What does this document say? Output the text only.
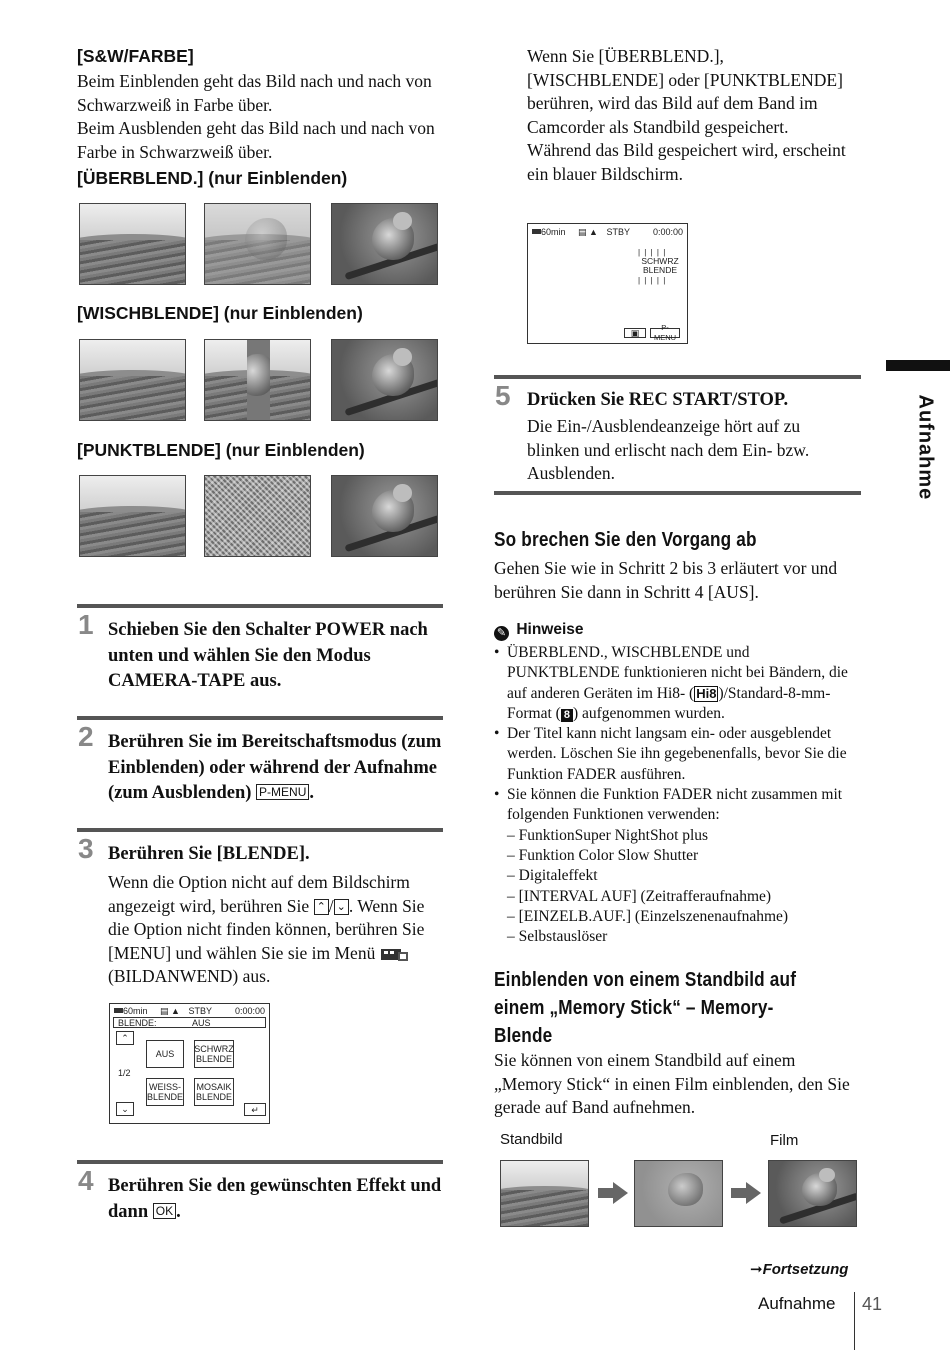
[S&W/FARBE]
Beim Einblenden geht das Bild nach und nach von Schwarzweiß in Farbe über.
Beim Ausblenden geht das Bild nach und nach von Farbe in Schwarzweiß über.
[ÜBERBLEND.] (nur Einblenden)
[WISCHBLENDE] (nur Einblenden)
[PUNKTBLENDE] (nur Einblenden)
1 Schieben Sie den Schalter POWER nach unten und wählen Sie den Modus CAMERA-TAPE aus.
2 Berühren Sie im Bereitschaftsmodus (zum Einblenden) oder während der Aufnahme (zum Ausblenden) P-MENU .
3 Berühren Sie [BLENDE].
Wenn die Option nicht auf dem Bildschirm angezeigt wird, berühren Sie ⌃ / ⌄ . Wenn Sie die Option nicht finden können, berühren Sie [MENU] und wählen Sie sie im Menü  (BILDANWEND) aus.
60min ▤ ▲ STBY	0:00:00
BLENDE:	AUS
⌃
1/2
⌄
AUS	SCHWRZ BLENDE
WEISS- BLENDE
MOSAIK BLENDE
↵
4 Berühren Sie den gewünschten Effekt und dann OK .
Wenn Sie [ÜBERBLEND.], [WISCHBLENDE] oder [PUNKTBLENDE] berühren, wird das Bild auf dem Band im Camcorder als Standbild gespeichert. Während das Bild gespeichert wird, erscheint ein blauer Bildschirm.
60min ▤ ▲ STBY	0:00:00
| | | | |
SCHWRZ BLENDE
| | | | |
▣
P-MENU
5 Drücken Sie REC START/STOP.
Die Ein-/Ausblendeanzeige hört auf zu blinken und erlischt nach dem Ein- bzw. Ausblenden.
So brechen Sie den Vorgang ab
Gehen Sie wie in Schritt 2 bis 3 erläutert vor und berühren Sie dann in Schritt 4 [AUS].
✎ Hinweise
• ÜBERBLEND., WISCHBLENDE und PUNKTBLENDE funktionieren nicht bei Bändern, die auf anderen Geräten im Hi8- ( Hi8 )/Standard-8-mm-Format ( 8 ) aufgenommen wurden.
• Der Titel kann nicht langsam ein- oder ausgeblendet werden. Löschen Sie ihn gegebenenfalls, bevor Sie die Funktion FADER ausführen.
• Sie können die Funktion FADER nicht zusammen mit folgenden Funktionen verwenden:
– FunktionSuper NightShot plus
– Funktion Color Slow Shutter
– Digitaleffekt
– [INTERVAL AUF] (Zeitrafferaufnahme)
– [EINZELB.AUF.] (Einzelszenenaufnahme)
– Selbstauslöser
Einblenden von einem Standbild auf
einem „Memory Stick“ – Memory-
Blende
Sie können von einem Standbild auf einem „Memory Stick“ in einen Film einblenden, den Sie gerade auf Band aufnehmen.
Standbild	Film
➞Fortsetzung
Aufnahme
Aufnahme 41
